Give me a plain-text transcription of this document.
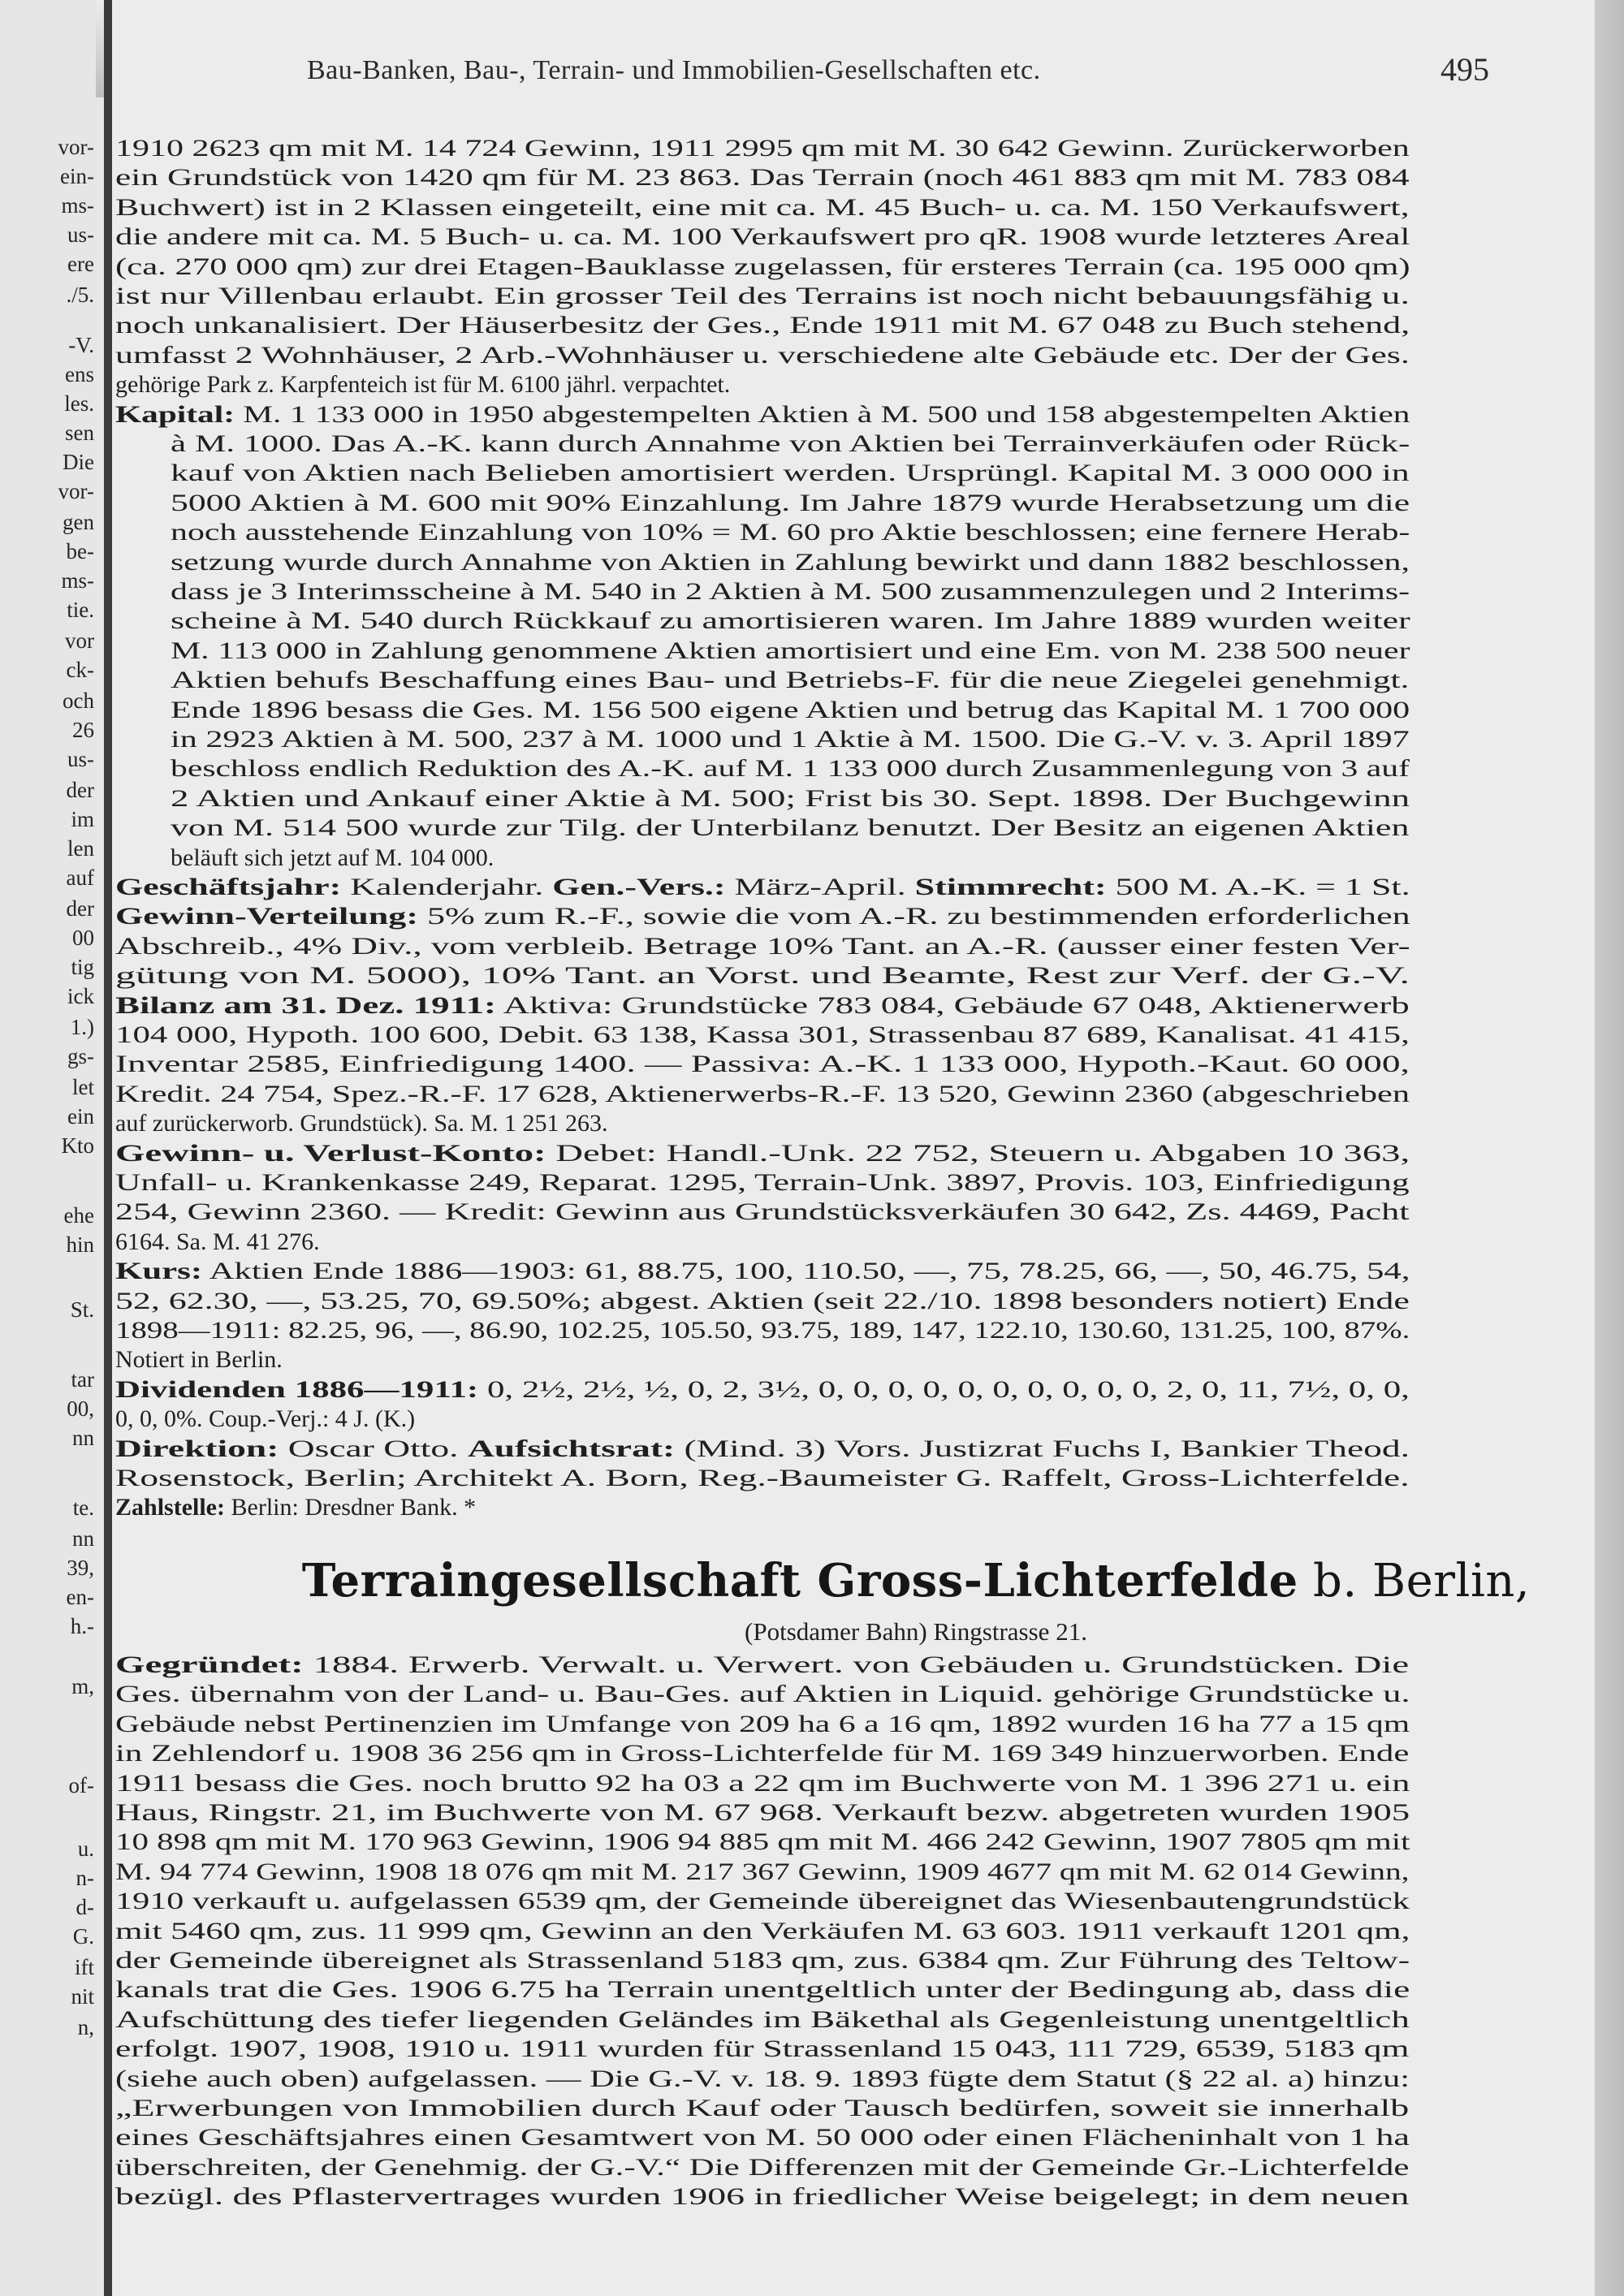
vor-
ein-
ms-
us-
ere
./5.
-V.
ens
les.
sen
Die
vor-
gen
be-
ms-
tie.
vor
ck-
och
26
us-
der
im
len
auf
der
00
tig
ick
1.)
gs-
let
ein
Kto
ehe
hin
St.
tar
00,
nn
te.
nn
39,
en-
h.-
m,
of-
u.
n-
d-
G.
ift
nit
n,
Bau-Banken, Bau-, Terrain- und Immobilien-Gesellschaften etc.	495
1910 2623 qm mit M. 14 724 Gewinn, 1911 2995 qm mit M. 30 642 Gewinn. Zurückerworben
ein Grundstück von 1420 qm für M. 23 863. Das Terrain (noch 461 883 qm mit M. 783 084
Buchwert) ist in 2 Klassen eingeteilt, eine mit ca. M. 45 Buch- u. ca. M. 150 Verkaufswert,
die andere mit ca. M. 5 Buch- u. ca. M. 100 Verkaufswert pro qR. 1908 wurde letzteres Areal
(ca. 270 000 qm) zur drei Etagen-Bauklasse zugelassen, für ersteres Terrain (ca. 195 000 qm)
ist nur Villenbau erlaubt. Ein grosser Teil des Terrains ist noch nicht bebauungsfähig u.
noch unkanalisiert. Der Häuserbesitz der Ges., Ende 1911 mit M. 67 048 zu Buch stehend,
umfasst 2 Wohnhäuser, 2 Arb.-Wohnhäuser u. verschiedene alte Gebäude etc. Der der Ges.
gehörige Park z. Karpfenteich ist für M. 6100 jährl. verpachtet.
Kapital: M. 1 133 000 in 1950 abgestempelten Aktien à M. 500 und 158 abgestempelten Aktien
à M. 1000. Das A.-K. kann durch Annahme von Aktien bei Terrainverkäufen oder Rück-
kauf von Aktien nach Belieben amortisiert werden. Ursprüngl. Kapital M. 3 000 000 in
5000 Aktien à M. 600 mit 90% Einzahlung. Im Jahre 1879 wurde Herabsetzung um die
noch ausstehende Einzahlung von 10% = M. 60 pro Aktie beschlossen; eine fernere Herab-
setzung wurde durch Annahme von Aktien in Zahlung bewirkt und dann 1882 beschlossen,
dass je 3 Interimsscheine à M. 540 in 2 Aktien à M. 500 zusammenzulegen und 2 Interims-
scheine à M. 540 durch Rückkauf zu amortisieren waren. Im Jahre 1889 wurden weiter
M. 113 000 in Zahlung genommene Aktien amortisiert und eine Em. von M. 238 500 neuer
Aktien behufs Beschaffung eines Bau- und Betriebs-F. für die neue Ziegelei genehmigt.
Ende 1896 besass die Ges. M. 156 500 eigene Aktien und betrug das Kapital M. 1 700 000
in 2923 Aktien à M. 500, 237 à M. 1000 und 1 Aktie à M. 1500. Die G.-V. v. 3. April 1897
beschloss endlich Reduktion des A.-K. auf M. 1 133 000 durch Zusammenlegung von 3 auf
2 Aktien und Ankauf einer Aktie à M. 500; Frist bis 30. Sept. 1898. Der Buchgewinn
von M. 514 500 wurde zur Tilg. der Unterbilanz benutzt. Der Besitz an eigenen Aktien
beläuft sich jetzt auf M. 104 000.
Geschäftsjahr: Kalenderjahr. Gen.-Vers.: März-April. Stimmrecht: 500 M. A.-K. = 1 St.
Gewinn-Verteilung: 5% zum R.-F., sowie die vom A.-R. zu bestimmenden erforderlichen
Abschreib., 4% Div., vom verbleib. Betrage 10% Tant. an A.-R. (ausser einer festen Ver-
gütung von M. 5000), 10% Tant. an Vorst. und Beamte, Rest zur Verf. der G.-V.
Bilanz am 31. Dez. 1911: Aktiva: Grundstücke 783 084, Gebäude 67 048, Aktienerwerb
104 000, Hypoth. 100 600, Debit. 63 138, Kassa 301, Strassenbau 87 689, Kanalisat. 41 415,
Inventar 2585, Einfriedigung 1400. — Passiva: A.-K. 1 133 000, Hypoth.-Kaut. 60 000,
Kredit. 24 754, Spez.-R.-F. 17 628, Aktienerwerbs-R.-F. 13 520, Gewinn 2360 (abgeschrieben
auf zurückerworb. Grundstück). Sa. M. 1 251 263.
Gewinn- u. Verlust-Konto: Debet: Handl.-Unk. 22 752, Steuern u. Abgaben 10 363,
Unfall- u. Krankenkasse 249, Reparat. 1295, Terrain-Unk. 3897, Provis. 103, Einfriedigung
254, Gewinn 2360. — Kredit: Gewinn aus Grundstücksverkäufen 30 642, Zs. 4469, Pacht
6164. Sa. M. 41 276.
Kurs: Aktien Ende 1886—1903: 61, 88.75, 100, 110.50, —, 75, 78.25, 66, —, 50, 46.75, 54,
52, 62.30, —, 53.25, 70, 69.50%; abgest. Aktien (seit 22./10. 1898 besonders notiert) Ende
1898—1911: 82.25, 96, —, 86.90, 102.25, 105.50, 93.75, 189, 147, 122.10, 130.60, 131.25, 100, 87%.
Notiert in Berlin.
Dividenden 1886—1911: 0, 2½, 2½, ½, 0, 2, 3½, 0, 0, 0, 0, 0, 0, 0, 0, 0, 0, 2, 0, 11, 7½, 0, 0,
0, 0, 0%. Coup.-Verj.: 4 J. (K.)
Direktion: Oscar Otto. Aufsichtsrat: (Mind. 3) Vors. Justizrat Fuchs I, Bankier Theod.
Rosenstock, Berlin; Architekt A. Born, Reg.-Baumeister G. Raffelt, Gross-Lichterfelde.
Zahlstelle: Berlin: Dresdner Bank. *
Terraingesellschaft Gross-Lichterfelde b. Berlin,
(Potsdamer Bahn) Ringstrasse 21.
Gegründet: 1884. Erwerb. Verwalt. u. Verwert. von Gebäuden u. Grundstücken. Die
Ges. übernahm von der Land- u. Bau-Ges. auf Aktien in Liquid. gehörige Grundstücke u.
Gebäude nebst Pertinenzien im Umfange von 209 ha 6 a 16 qm, 1892 wurden 16 ha 77 a 15 qm
in Zehlendorf u. 1908 36 256 qm in Gross-Lichterfelde für M. 169 349 hinzuerworben. Ende
1911 besass die Ges. noch brutto 92 ha 03 a 22 qm im Buchwerte von M. 1 396 271 u. ein
Haus, Ringstr. 21, im Buchwerte von M. 67 968. Verkauft bezw. abgetreten wurden 1905
10 898 qm mit M. 170 963 Gewinn, 1906 94 885 qm mit M. 466 242 Gewinn, 1907 7805 qm mit
M. 94 774 Gewinn, 1908 18 076 qm mit M. 217 367 Gewinn, 1909 4677 qm mit M. 62 014 Gewinn,
1910 verkauft u. aufgelassen 6539 qm, der Gemeinde übereignet das Wiesenbautengrundstück
mit 5460 qm, zus. 11 999 qm, Gewinn an den Verkäufen M. 63 603. 1911 verkauft 1201 qm,
der Gemeinde übereignet als Strassenland 5183 qm, zus. 6384 qm. Zur Führung des Teltow-
kanals trat die Ges. 1906 6.75 ha Terrain unentgeltlich unter der Bedingung ab, dass die
Aufschüttung des tiefer liegenden Geländes im Bäkethal als Gegenleistung unentgeltlich
erfolgt. 1907, 1908, 1910 u. 1911 wurden für Strassenland 15 043, 111 729, 6539, 5183 qm
(siehe auch oben) aufgelassen. — Die G.-V. v. 18. 9. 1893 fügte dem Statut (§ 22 al. a) hinzu:
„Erwerbungen von Immobilien durch Kauf oder Tausch bedürfen, soweit sie innerhalb
eines Geschäftsjahres einen Gesamtwert von M. 50 000 oder einen Flächeninhalt von 1 ha
überschreiten, der Genehmig. der G.-V.“ Die Differenzen mit der Gemeinde Gr.-Lichterfelde
bezügl. des Pflastervertrages wurden 1906 in friedlicher Weise beigelegt; in dem neuen
